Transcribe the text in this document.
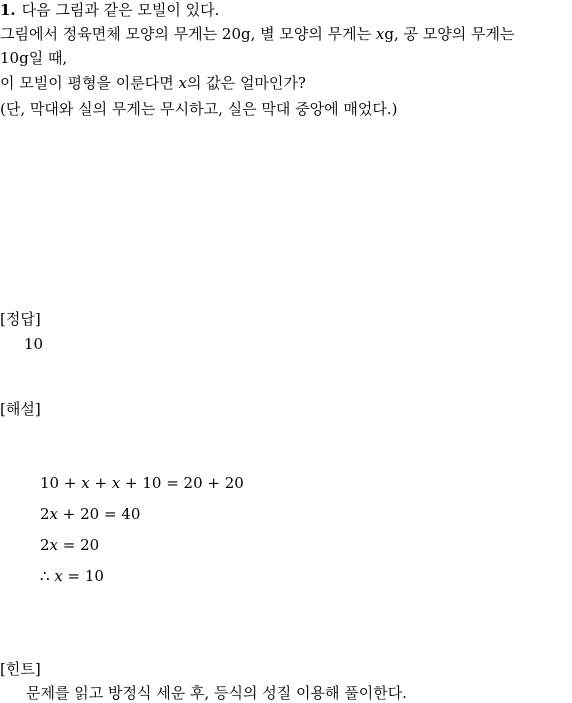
1. 다음 그림과 같은 모빌이 있다.
그림에서 정육면체 모양의 무게는 20g, 별 모양의 무게는 xg, 공 모양의 무게는
10g일 때,
이 모빌이 평형을 이룬다면 x의 값은 얼마인가?
(단, 막대와 실의 무게는 무시하고, 실은 막대 중앙에 매었다.)
[정답]
10
[해설]
10 + x + x + 10 = 20 + 20
2x + 20 = 40
2x = 20
∴ x = 10
[힌트]
문제를 읽고 방정식 세운 후, 등식의 성질 이용해 풀이한다.
